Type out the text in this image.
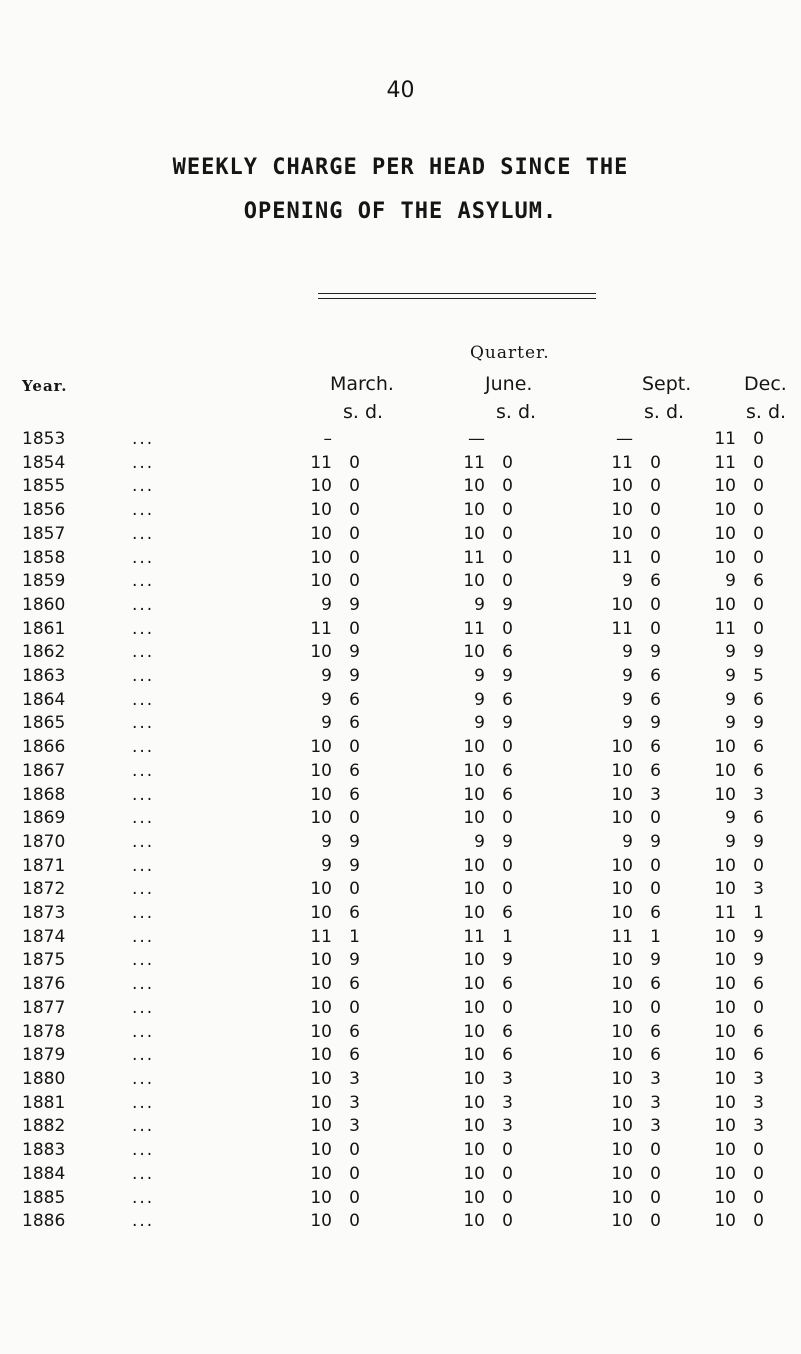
40
WEEKLY CHARGE PER HEAD SINCE THE
OPENING OF THE ASYLUM.
Quarter.
Year.	March.	June.	Sept.	Dec.
s. d.	s. d.	s. d.	s. d.
1853	...	–			—			—			11	0
1854	...	11	0		11	0		11	0		11	0
1855	...	10	0		10	0		10	0		10	0
1856	...	10	0		10	0		10	0		10	0
1857	...	10	0		10	0		10	0		10	0
1858	...	10	0		11	0		11	0		10	0
1859	...	10	0		10	0		9	6		9	6
1860	...	9	9		9	9		10	0		10	0
1861	...	11	0		11	0		11	0		11	0
1862	...	10	9		10	6		9	9		9	9
1863	...	9	9		9	9		9	6		9	5
1864	...	9	6		9	6		9	6		9	6
1865	...	9	6		9	9		9	9		9	9
1866	...	10	0		10	0		10	6		10	6
1867	...	10	6		10	6		10	6		10	6
1868	...	10	6		10	6		10	3		10	3
1869	...	10	0		10	0		10	0		9	6
1870	...	9	9		9	9		9	9		9	9
1871	...	9	9		10	0		10	0		10	0
1872	...	10	0		10	0		10	0		10	3
1873	...	10	6		10	6		10	6		11	1
1874	...	11	1		11	1		11	1		10	9
1875	...	10	9		10	9		10	9		10	9
1876	...	10	6		10	6		10	6		10	6
1877	...	10	0		10	0		10	0		10	0
1878	...	10	6		10	6		10	6		10	6
1879	...	10	6		10	6		10	6		10	6
1880	...	10	3		10	3		10	3		10	3
1881	...	10	3		10	3		10	3		10	3
1882	...	10	3		10	3		10	3		10	3
1883	...	10	0		10	0		10	0		10	0
1884	...	10	0		10	0		10	0		10	0
1885	...	10	0		10	0		10	0		10	0
1886	...	10	0		10	0		10	0		10	0
